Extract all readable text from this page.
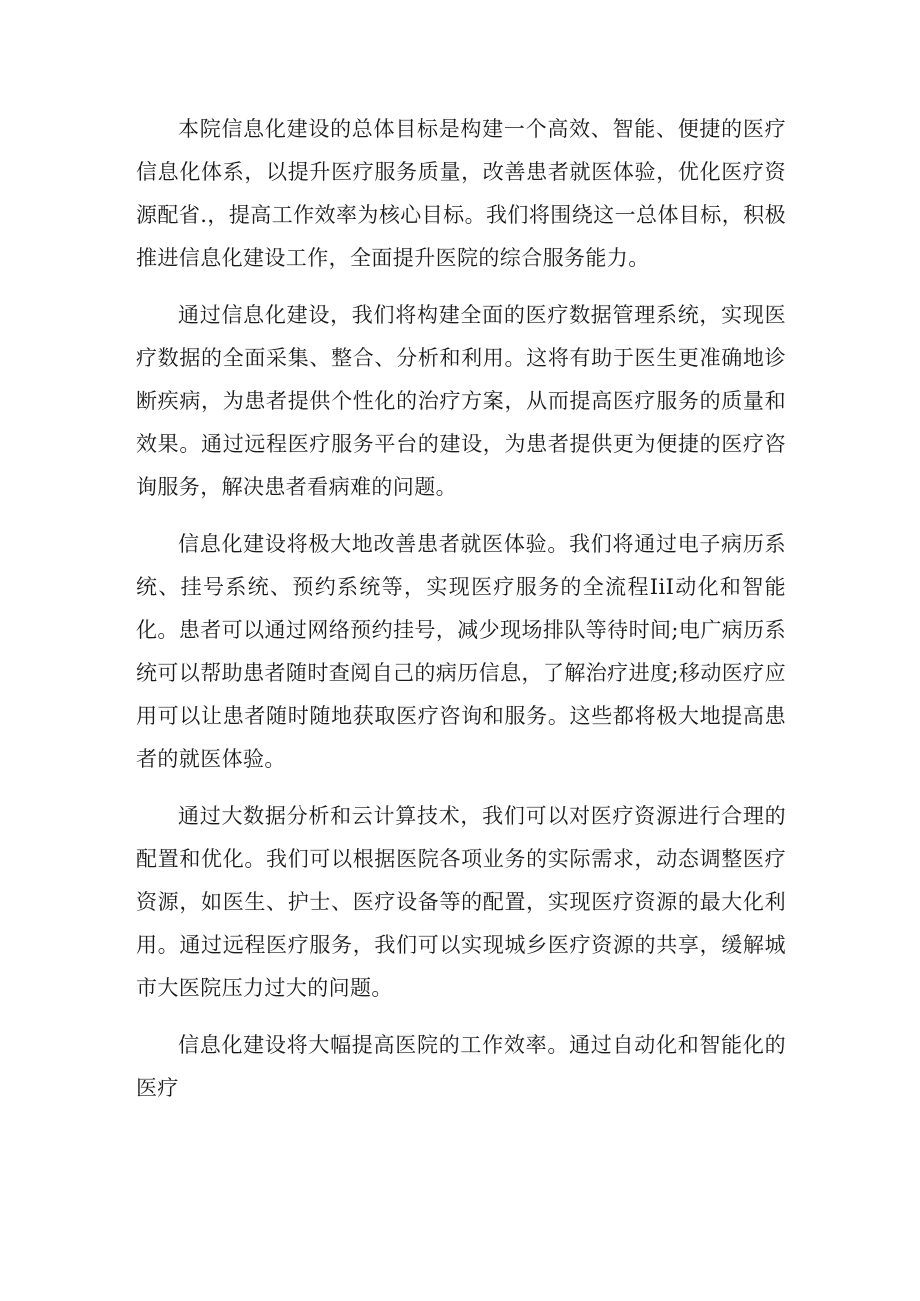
本院信息化建设的总体目标是构建一个高效、智能、便捷的医疗信息化体系，以提升医疗服务质量，改善患者就医体验，优化医疗资源配省.，提高工作效率为核心目标。我们将围绕这一总体目标，积极推进信息化建设工作，全面提升医院的综合服务能力。

通过信息化建设，我们将构建全面的医疗数据管理系统，实现医疗数据的全面采集、整合、分析和利用。这将有助于医生更准确地诊断疾病，为患者提供个性化的治疗方案，从而提高医疗服务的质量和效果。通过远程医疗服务平台的建设，为患者提供更为便捷的医疗咨询服务，解决患者看病难的问题。

信息化建设将极大地改善患者就医体验。我们将通过电子病历系统、挂号系统、预约系统等，实现医疗服务的全流程IiI动化和智能化。患者可以通过网络预约挂号，减少现场排队等待时间;电广病历系统可以帮助患者随时查阅自己的病历信息，了解治疗进度;移动医疗应用可以让患者随时随地获取医疗咨询和服务。这些都将极大地提高患者的就医体验。

通过大数据分析和云计算技术，我们可以对医疗资源进行合理的配置和优化。我们可以根据医院各项业务的实际需求，动态调整医疗资源，如医生、护士、医疗设备等的配置，实现医疗资源的最大化利用。通过远程医疗服务，我们可以实现城乡医疗资源的共享，缓解城市大医院压力过大的问题。

信息化建设将大幅提高医院的工作效率。通过自动化和智能化的医疗
